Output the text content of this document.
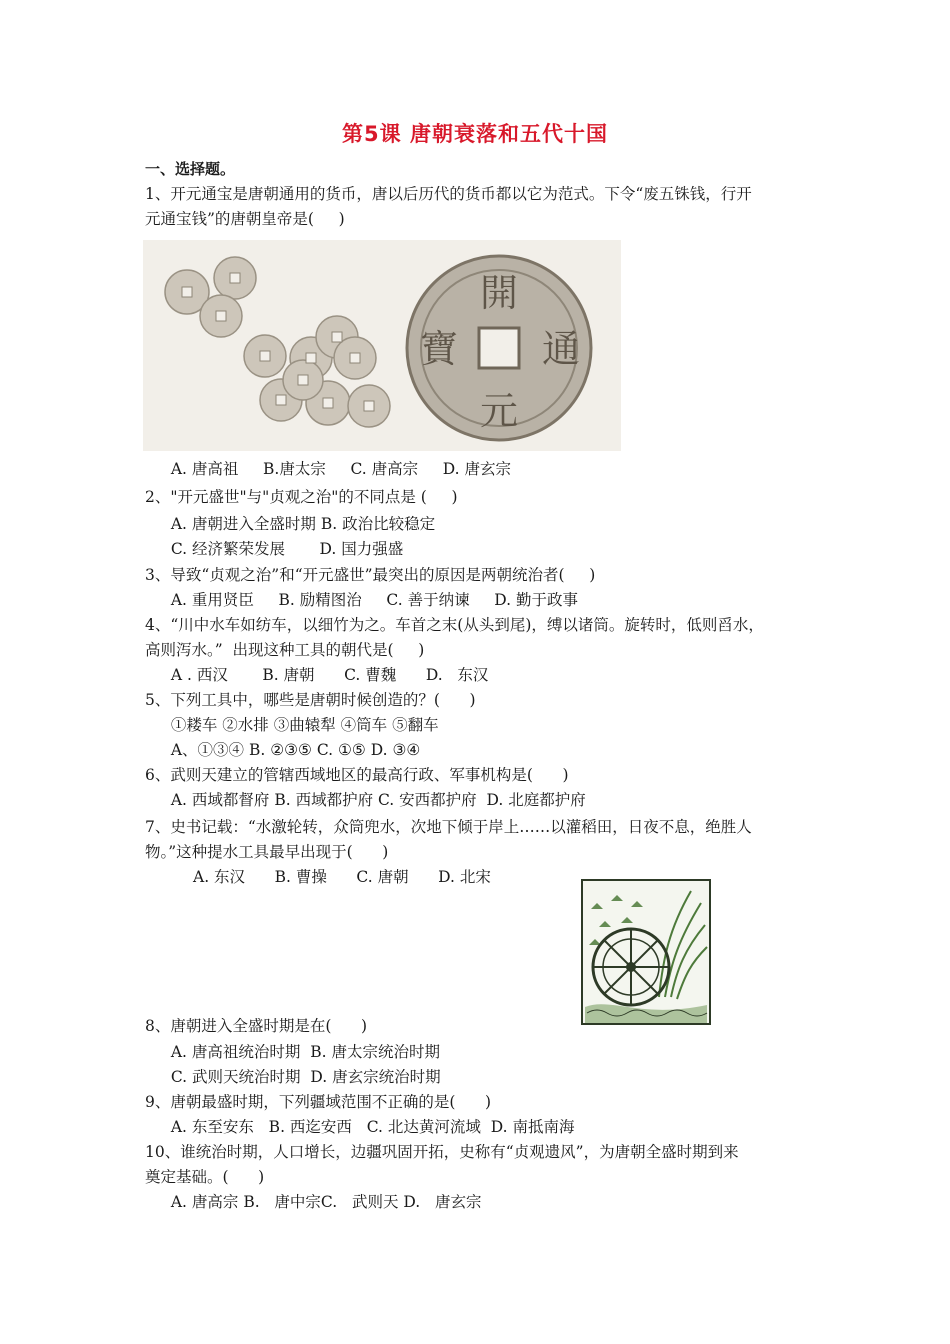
第5课 唐朝衰落和五代十国
一、选择题。
1、开元通宝是唐朝通用的货币，唐以后历代的货币都以它为范式。下令“废五铢钱，行开
元通宝钱”的唐朝皇帝是(     )
開
通
元
寶
A. 唐高祖     B.唐太宗     C. 唐高宗     D. 唐玄宗
2、"开元盛世"与"贞观之治"的不同点是 (     )
A. 唐朝进入全盛时期 B. 政治比较稳定
C. 经济繁荣发展       D. 国力强盛
3、导致“贞观之治”和“开元盛世”最突出的原因是两朝统治者(     )
A. 重用贤臣     B. 励精图治     C. 善于纳谏     D. 勤于政事
4、“川中水车如纺车，以细竹为之。车首之末(从头到尾)，缚以诸筒。旋转时，低则舀水，
高则泻水。”  出现这种工具的朝代是(     )
A . 西汉       B. 唐朝      C. 曹魏      D.   东汉
5、下列工具中，哪些是唐朝时候创造的？(      )
①耧车 ②水排 ③曲辕犁 ④筒车 ⑤翻车
A、①③④ B. ②③⑤ C. ①⑤ D. ③④
6、武则天建立的管辖西域地区的最高行政、军事机构是(      )
A. 西域都督府 B. 西域都护府 C. 安西都护府  D. 北庭都护府
7、史书记载：“水激轮转，众筒兜水，次地下倾于岸上……以灌稻田，日夜不息，绝胜人
物。”这种提水工具最早出现于(      )
A. 东汉      B. 曹操      C. 唐朝      D. 北宋
8、唐朝进入全盛时期是在(      )
A. 唐高祖统治时期  B. 唐太宗统治时期
C. 武则天统治时期  D. 唐玄宗统治时期
9、唐朝最盛时期，下列疆域范围不正确的是(      )
A. 东至安东   B. 西迄安西   C. 北达黄河流域  D. 南抵南海
10、谁统治时期，人口增长，边疆巩固开拓，史称有“贞观遗风”，为唐朝全盛时期到来
奠定基础。(      )
A. 唐高宗 B.   唐中宗C.   武则天 D.   唐玄宗
